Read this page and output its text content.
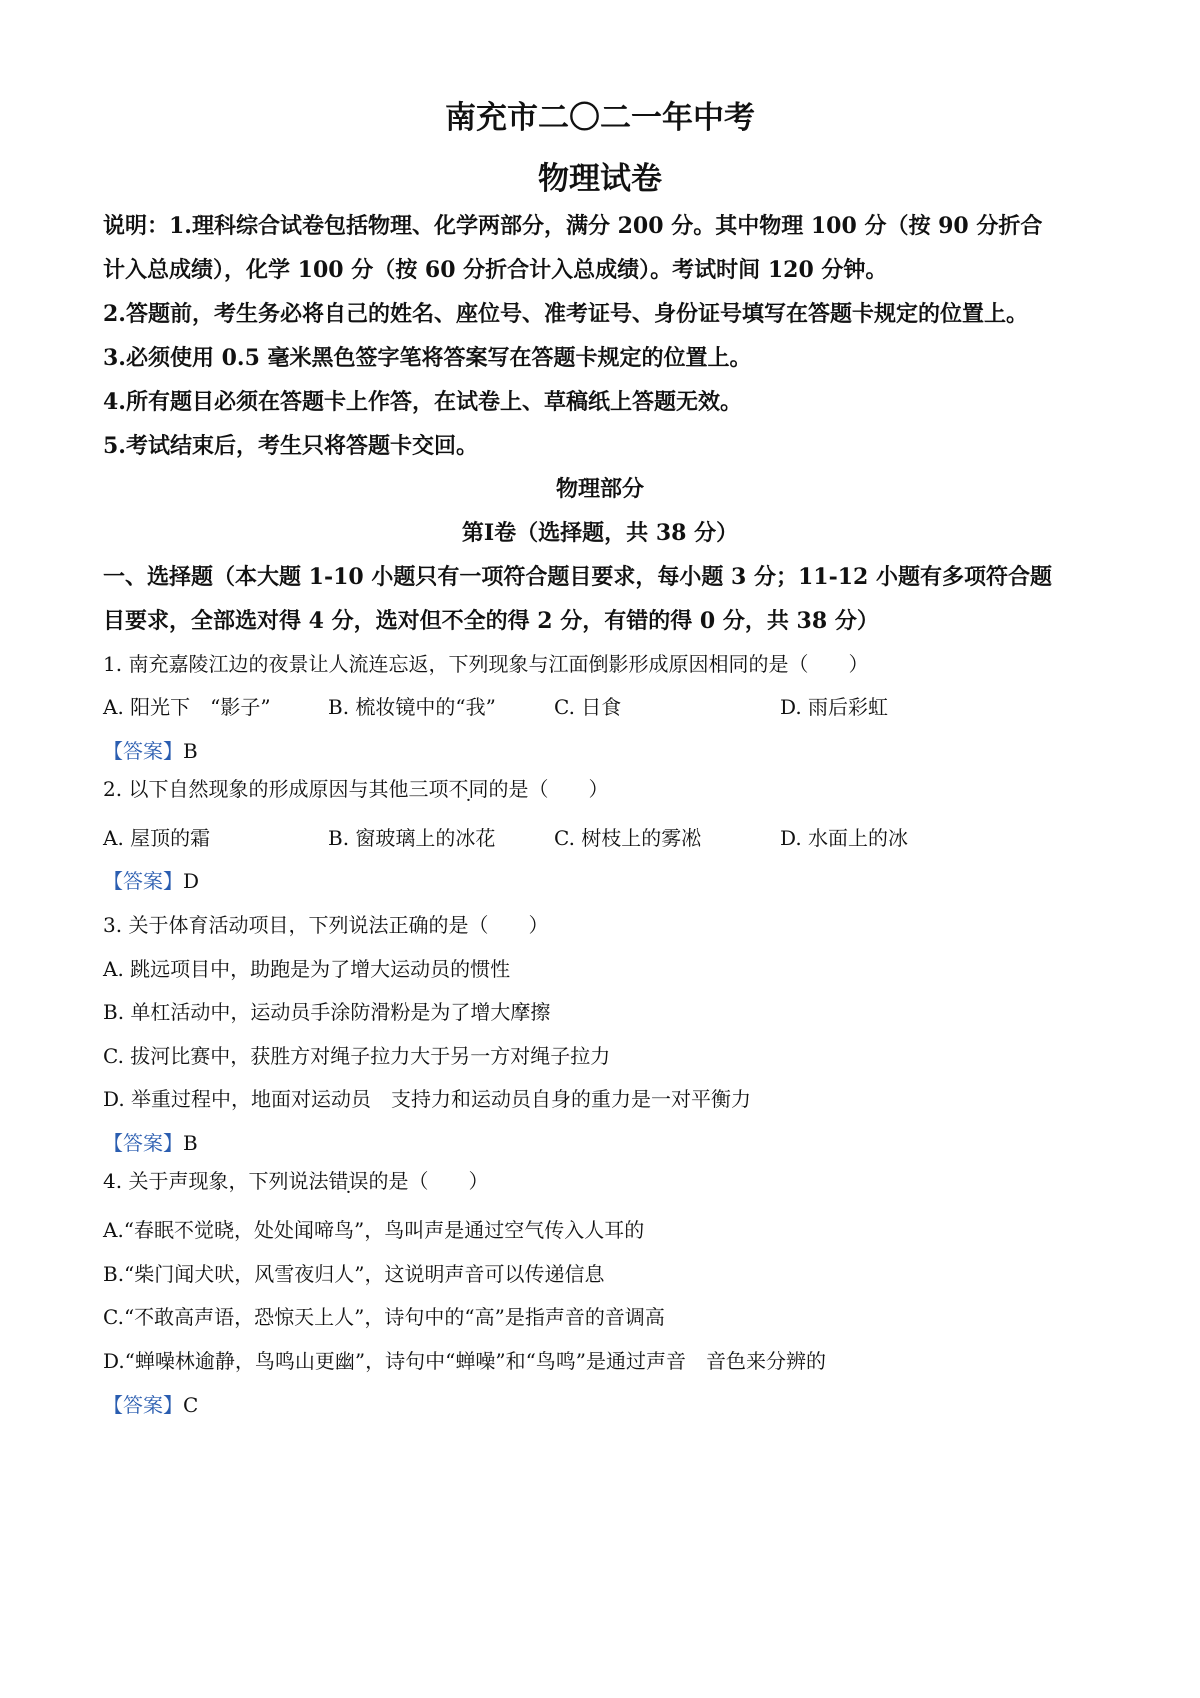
南充市二〇二一年中考
物理试卷
说明：1.理科综合试卷包括物理、化学两部分，满分 200 分。其中物理 100 分（按 90 分折合
计入总成绩），化学 100 分（按 60 分折合计入总成绩）。考试时间 120 分钟。
2.答题前，考生务必将自己的姓名、座位号、准考证号、身份证号填写在答题卡规定的位置上。
3.必须使用 0.5 毫米黑色签字笔将答案写在答题卡规定的位置上。
4.所有题目必须在答题卡上作答，在试卷上、草稿纸上答题无效。
5.考试结束后，考生只将答题卡交回。
物理部分
第Ⅰ卷（选择题，共 38 分）
一、选择题（本大题 1-10 小题只有一项符合题目要求，每小题 3 分；11-12 小题有多项符合题
目要求，全部选对得 4 分，选对但不全的得 2 分，有错的得 0 分，共 38 分）
1. 南充嘉陵江边的夜景让人流连忘返，下列现象与江面倒影形成原因相同的是（　　）
A. 阳光下　“影子”	B. 梳妆镜中的“我”	C. 日食	D. 雨后彩虹
【答案】B
2. 以下自然现象的形成原因与其他三项不同的是（　　）
A. 屋顶的霜	B. 窗玻璃上的冰花	C. 树枝上的雾凇	D. 水面上的冰
【答案】D
3. 关于体育活动项目，下列说法正确的是（　　）
A. 跳远项目中，助跑是为了增大运动员的惯性
B. 单杠活动中，运动员手涂防滑粉是为了增大摩擦
C. 拔河比赛中，获胜方对绳子拉力大于另一方对绳子拉力
D. 举重过程中，地面对运动员　支持力和运动员自身的重力是一对平衡力
【答案】B
4. 关于声现象，下列说法错误的是（　　）
A.“春眠不觉晓，处处闻啼鸟”，鸟叫声是通过空气传入人耳的
B.“柴门闻犬吠，风雪夜归人”，这说明声音可以传递信息
C.“不敢高声语，恐惊天上人”，诗句中的“高”是指声音的音调高
D.“蝉噪林逾静，鸟鸣山更幽”，诗句中“蝉噪”和“鸟鸣”是通过声音　音色来分辨的
【答案】C
